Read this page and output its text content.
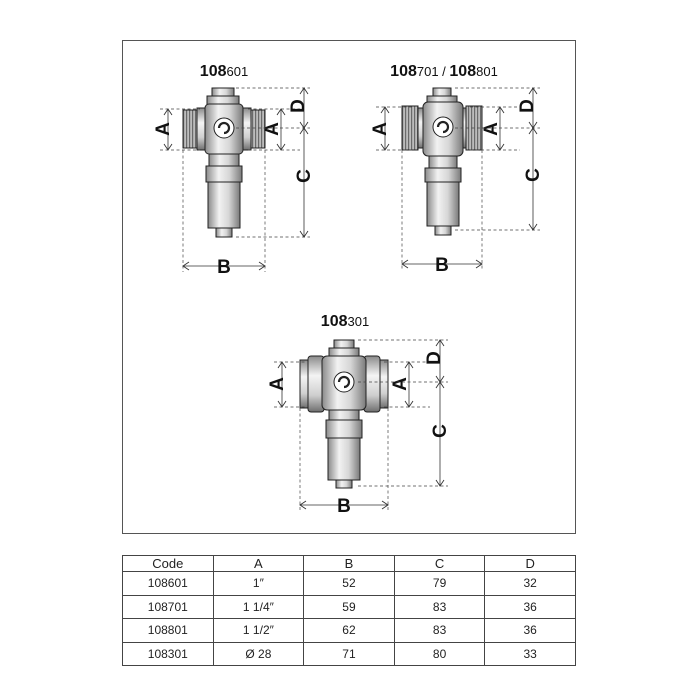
108601
A	A
D
C
B
108701 / 108801
A	A
D
C
B
108301
A	A
D
C
B
Code	A	B	C	D
108601	1″	52	79	32
108701	1 1/4″	59	83	36
108801	1 1/2″	62	83	36
108301	Ø 28	71	80	33
